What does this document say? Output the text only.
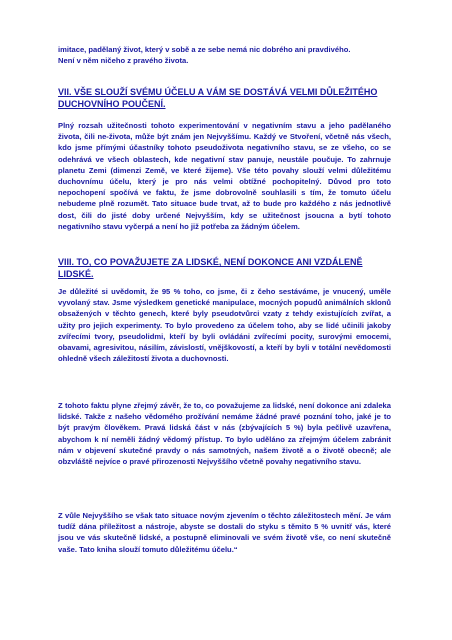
imitace, padělaný život, který v sobě a ze sebe nemá nic dobrého ani pravdivého.
Není v něm ničeho z pravého života.
VII. VŠE SLOUŽÍ SVÉMU ÚČELU A VÁM SE DOSTÁVÁ VELMI DŮLEŽITÉHO
DUCHOVNÍHO POUČENÍ.

Plný rozsah užitečnosti tohoto experimentování v negativním stavu a jeho padělaného života, čili ne-života, může být znám jen Nejvyššímu. Každý ve Stvoření, včetně nás všech, kdo jsme přímými účastníky tohoto pseudoživota negativního stavu, se ze všeho, co se odehrává ve všech oblastech, kde negativní stav panuje, neustále poučuje. To zahrnuje planetu Zemi (dimenzi Země, ve které žijeme). Vše této povahy slouží velmi důležitému duchovnímu účelu, který je pro nás velmi obtížné pochopitelný. Důvod pro toto nepochopení spočívá ve faktu, že jsme dobrovolně souhlasili s tím, že tomuto účelu nebudeme plně rozumět. Tato situace bude trvat, až to bude pro každého z nás jednotlivě dost, čili do jisté doby určené Nejvyšším, kdy se užitečnost jsoucna a bytí tohoto negativního stavu vyčerpá a není ho již potřeba za žádným účelem.

VIII. TO, CO POVAŽUJETE ZA LIDSKÉ, NENÍ DOKONCE ANI VZDÁLENĚ LIDSKÉ.

Je důležité si uvědomit, že 95 % toho, co jsme, či z čeho sestáváme, je vnucený, uměle vyvolaný stav. Jsme výsledkem genetické manipulace, mocných popudů animálních sklonů obsažených v těchto genech, které byly pseudotvůrci vzaty z tehdy existujících zvířat, a užity pro jejich experimenty. To bylo provedeno za účelem toho, aby se lidé učinili jakoby zvířecími tvory, pseudolidmi, kteří by byli ovládáni zvířecími pocity, surovými emocemi, obavami, agresivitou, násilím, závislostí, vnějškovostí, a kteří by byli v totální nevědomosti ohledně všech záležitostí života a duchovnosti.

Z tohoto faktu plyne zřejmý závěr, že to, co považujeme za lidské, není dokonce ani zdaleka lidské. Takže z našeho vědomého prožívání nemáme žádné pravé poznání toho, jaké je to být pravým člověkem. Pravá lidská část v nás (zbývajících 5 %) byla pečlivě uzavřena, abychom k ní neměli žádný vědomý přístup. To bylo uděláno za zřejmým účelem zabránit nám v objevení skutečné pravdy o nás samotných, našem životě a o životě obecně; ale obzvláště nejvíce o pravé přirozenosti Nejvyššího včetně povahy negativního stavu.

Z vůle Nejvyššího se však tato situace novým zjevením o těchto záležitostech mění. Je vám tudíž dána příležitost a nástroje, abyste se dostali do styku s těmito 5 % uvnitř vás, které jsou ve vás skutečně lidské, a postupně eliminovali ve svém životě vše, co není skutečně vaše. Tato kniha slouží tomuto důležitému účelu.“
